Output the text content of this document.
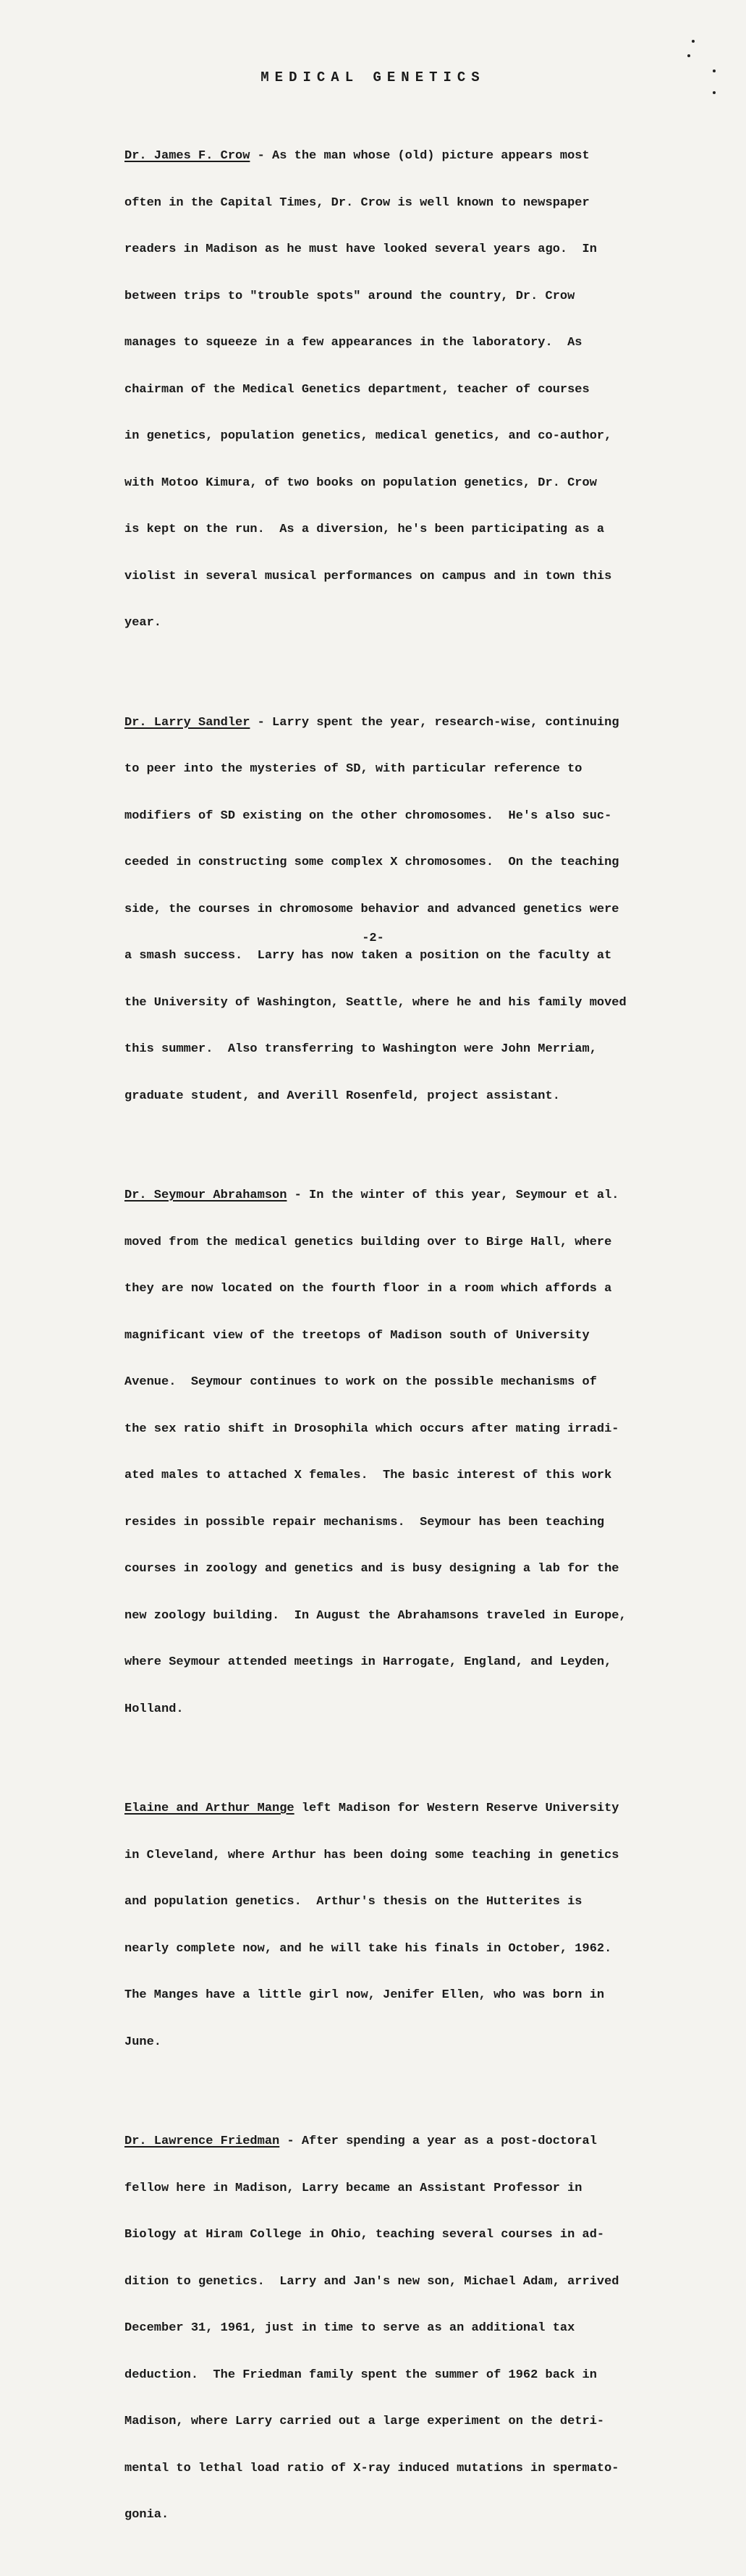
MEDICAL GENETICS

Dr. James F. Crow - As the man whose (old) picture appears most

often in the Capital Times, Dr. Crow is well known to newspaper

readers in Madison as he must have looked several years ago.  In

between trips to "trouble spots" around the country, Dr. Crow

manages to squeeze in a few appearances in the laboratory.  As

chairman of the Medical Genetics department, teacher of courses

in genetics, population genetics, medical genetics, and co-author,

with Motoo Kimura, of two books on population genetics, Dr. Crow

is kept on the run.  As a diversion, he's been participating as a

violist in several musical performances on campus and in town this

year.

Dr. Larry Sandler - Larry spent the year, research-wise, continuing

to peer into the mysteries of SD, with particular reference to

modifiers of SD existing on the other chromosomes.  He's also suc-

ceeded in constructing some complex X chromosomes.  On the teaching

side, the courses in chromosome behavior and advanced genetics were

a smash success.  Larry has now taken a position on the faculty at

the University of Washington, Seattle, where he and his family moved

this summer.  Also transferring to Washington were John Merriam,

graduate student, and Averill Rosenfeld, project assistant.

Dr. Seymour Abrahamson - In the winter of this year, Seymour et al.

moved from the medical genetics building over to Birge Hall, where

they are now located on the fourth floor in a room which affords a

magnificant view of the treetops of Madison south of University

Avenue.  Seymour continues to work on the possible mechanisms of

the sex ratio shift in Drosophila which occurs after mating irradi-

ated males to attached X females.  The basic interest of this work

resides in possible repair mechanisms.  Seymour has been teaching

courses in zoology and genetics and is busy designing a lab for the

new zoology building.  In August the Abrahamsons traveled in Europe,

where Seymour attended meetings in Harrogate, England, and Leyden,

Holland.

Elaine and Arthur Mange left Madison for Western Reserve University

in Cleveland, where Arthur has been doing some teaching in genetics

and population genetics.  Arthur's thesis on the Hutterites is

nearly complete now, and he will take his finals in October, 1962.

The Manges have a little girl now, Jenifer Ellen, who was born in

June.

Dr. Lawrence Friedman - After spending a year as a post-doctoral

fellow here in Madison, Larry became an Assistant Professor in

Biology at Hiram College in Ohio, teaching several courses in ad-

dition to genetics.  Larry and Jan's new son, Michael Adam, arrived

December 31, 1961, just in time to serve as an additional tax

deduction.  The Friedman family spent the summer of 1962 back in

Madison, where Larry carried out a large experiment on the detri-

mental to lethal load ratio of X-ray induced mutations in spermato-

gonia.

-2-
